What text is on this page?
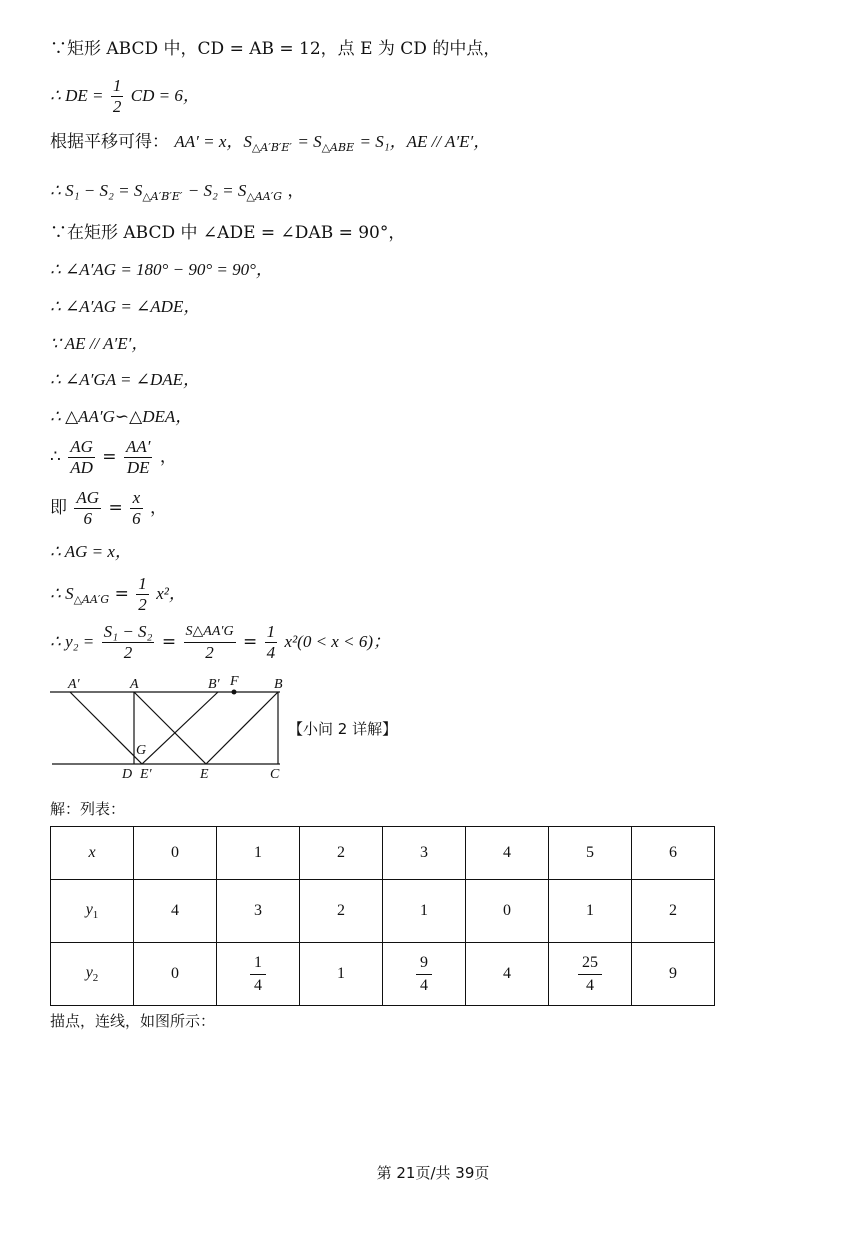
∵矩形 ABCD 中，CD = AB = 12，点 E 为 CD 的中点，
∴ DE = $\frac{1}{2}$ CD = 6，
根据平移可得： AA′ = x，$S_{\triangle A'B'E'} = S_{\triangle ABE} = S_1$，AE // A′E′，
∴ $S_1 - S_2 = S_{\triangle A'B'E'} - S_2 = S_{\triangle AA'G}$ ，
∵在矩形 ABCD 中 ∠ADE = ∠DAB = 90°，
∴ ∠A′AG = 180° − 90° = 90°，
∴ ∠A′AG = ∠ADE，
∵ AE // A′E′，
∴ ∠A′GA = ∠DAE，
∴ △AA′G∽△DEA，
∴ $\frac{AG}{AD} = \frac{AA'}{DE}$ ，
即 $\frac{AG}{6} = \frac{x}{6}$ ，
∴ AG = x，
∴ $S_{\triangle AA'G} = \frac{1}{2} x^2$，
∴ $y_2 = \frac{\text{S₁ − S₂}}{2} = \frac{S\triangle AA'G}{2} = \frac{1}{4} x^2(0 < x < 6)$；
A′	A	B′ F	B
G
D E′	E	C
【小问 2 详解】
解：列表：
x	0	1	2	3	4	5	6
$y_1$	4	3	2	1	0	1	2
$y_2$	0	$\frac{1}{4}$	1	$\frac{9}{4}$	4	$\frac{25}{4}$	9
描点，连线，如图所示：
第 21页/共 39页
